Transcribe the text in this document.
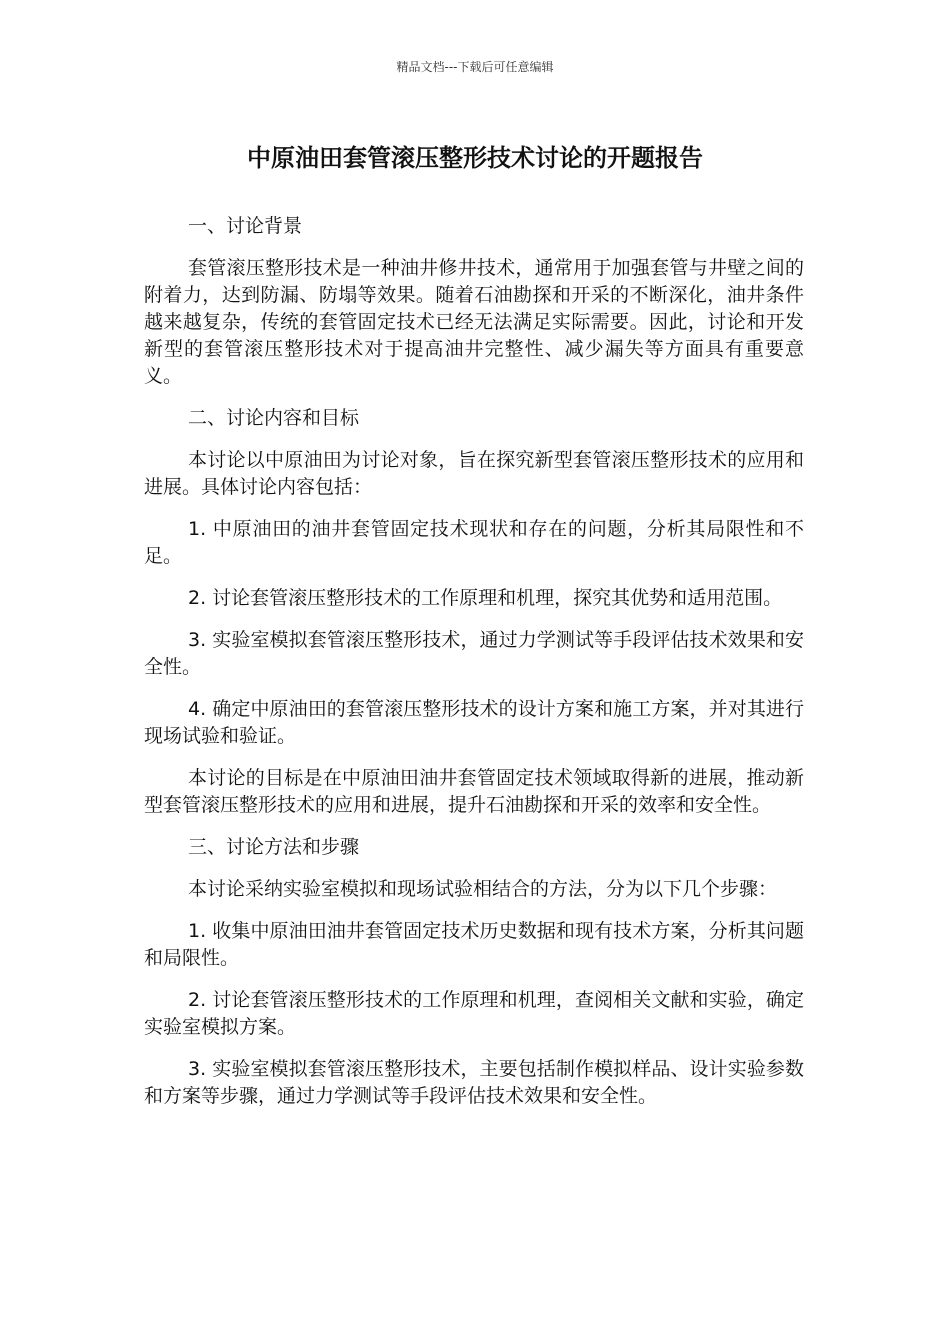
精品文档---下载后可任意编辑
中原油田套管滚压整形技术讨论的开题报告

一、讨论背景

套管滚压整形技术是一种油井修井技术，通常用于加强套管与井壁之间的附着力，达到防漏、防塌等效果。随着石油勘探和开采的不断深化，油井条件越来越复杂，传统的套管固定技术已经无法满足实际需要。因此，讨论和开发新型的套管滚压整形技术对于提高油井完整性、减少漏失等方面具有重要意义。

二、讨论内容和目标

本讨论以中原油田为讨论对象，旨在探究新型套管滚压整形技术的应用和进展。具体讨论内容包括：

1. 中原油田的油井套管固定技术现状和存在的问题，分析其局限性和不足。

2. 讨论套管滚压整形技术的工作原理和机理，探究其优势和适用范围。

3. 实验室模拟套管滚压整形技术，通过力学测试等手段评估技术效果和安全性。

4. 确定中原油田的套管滚压整形技术的设计方案和施工方案，并对其进行现场试验和验证。

本讨论的目标是在中原油田油井套管固定技术领域取得新的进展，推动新型套管滚压整形技术的应用和进展，提升石油勘探和开采的效率和安全性。

三、讨论方法和步骤

本讨论采纳实验室模拟和现场试验相结合的方法，分为以下几个步骤：

1. 收集中原油田油井套管固定技术历史数据和现有技术方案，分析其问题和局限性。

2. 讨论套管滚压整形技术的工作原理和机理，查阅相关文献和实验，确定实验室模拟方案。

3. 实验室模拟套管滚压整形技术，主要包括制作模拟样品、设计实验参数和方案等步骤，通过力学测试等手段评估技术效果和安全性。
